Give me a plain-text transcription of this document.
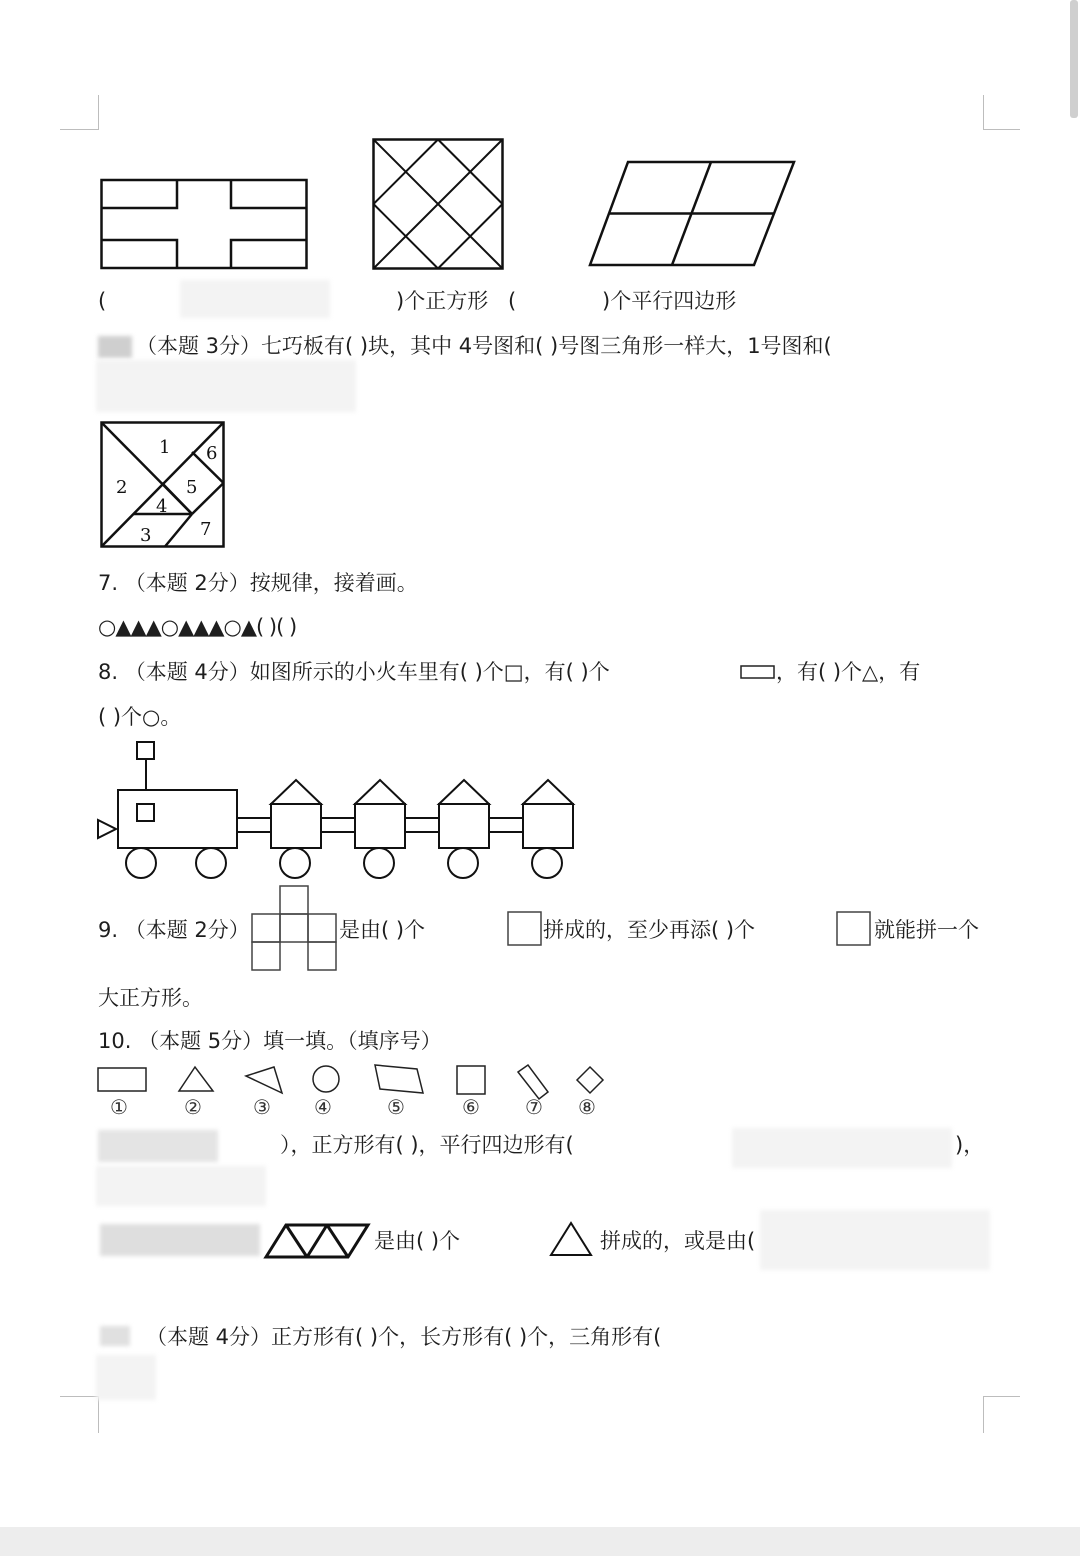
(	)个正方形 (	)个平行四边形
（本题 3分）七巧板有( )块，其中 4号图和( )号图三角形一样大，1号图和(
1
2
3
4
5
6
7
7. （本题 2分）按规律，接着画。
○▲▲▲○▲▲▲○▲( )( )
8. （本题 4分）如图所示的小火车里有( )个□，有( )个	，有( )个△，有
( )个○。
9. （本题 2分）	是由( )个	拼成的，至少再添( )个	就能拼一个
大正方形。
10. （本题 5分）填一填。（填序号）
①	②	③ ④	⑤	⑥ ⑦ ⑧
），正方形有( )，平行四边形有(	)，
是由( )个	拼成的，或是由(
（本题 4分）正方形有( )个，长方形有( )个，三角形有(
